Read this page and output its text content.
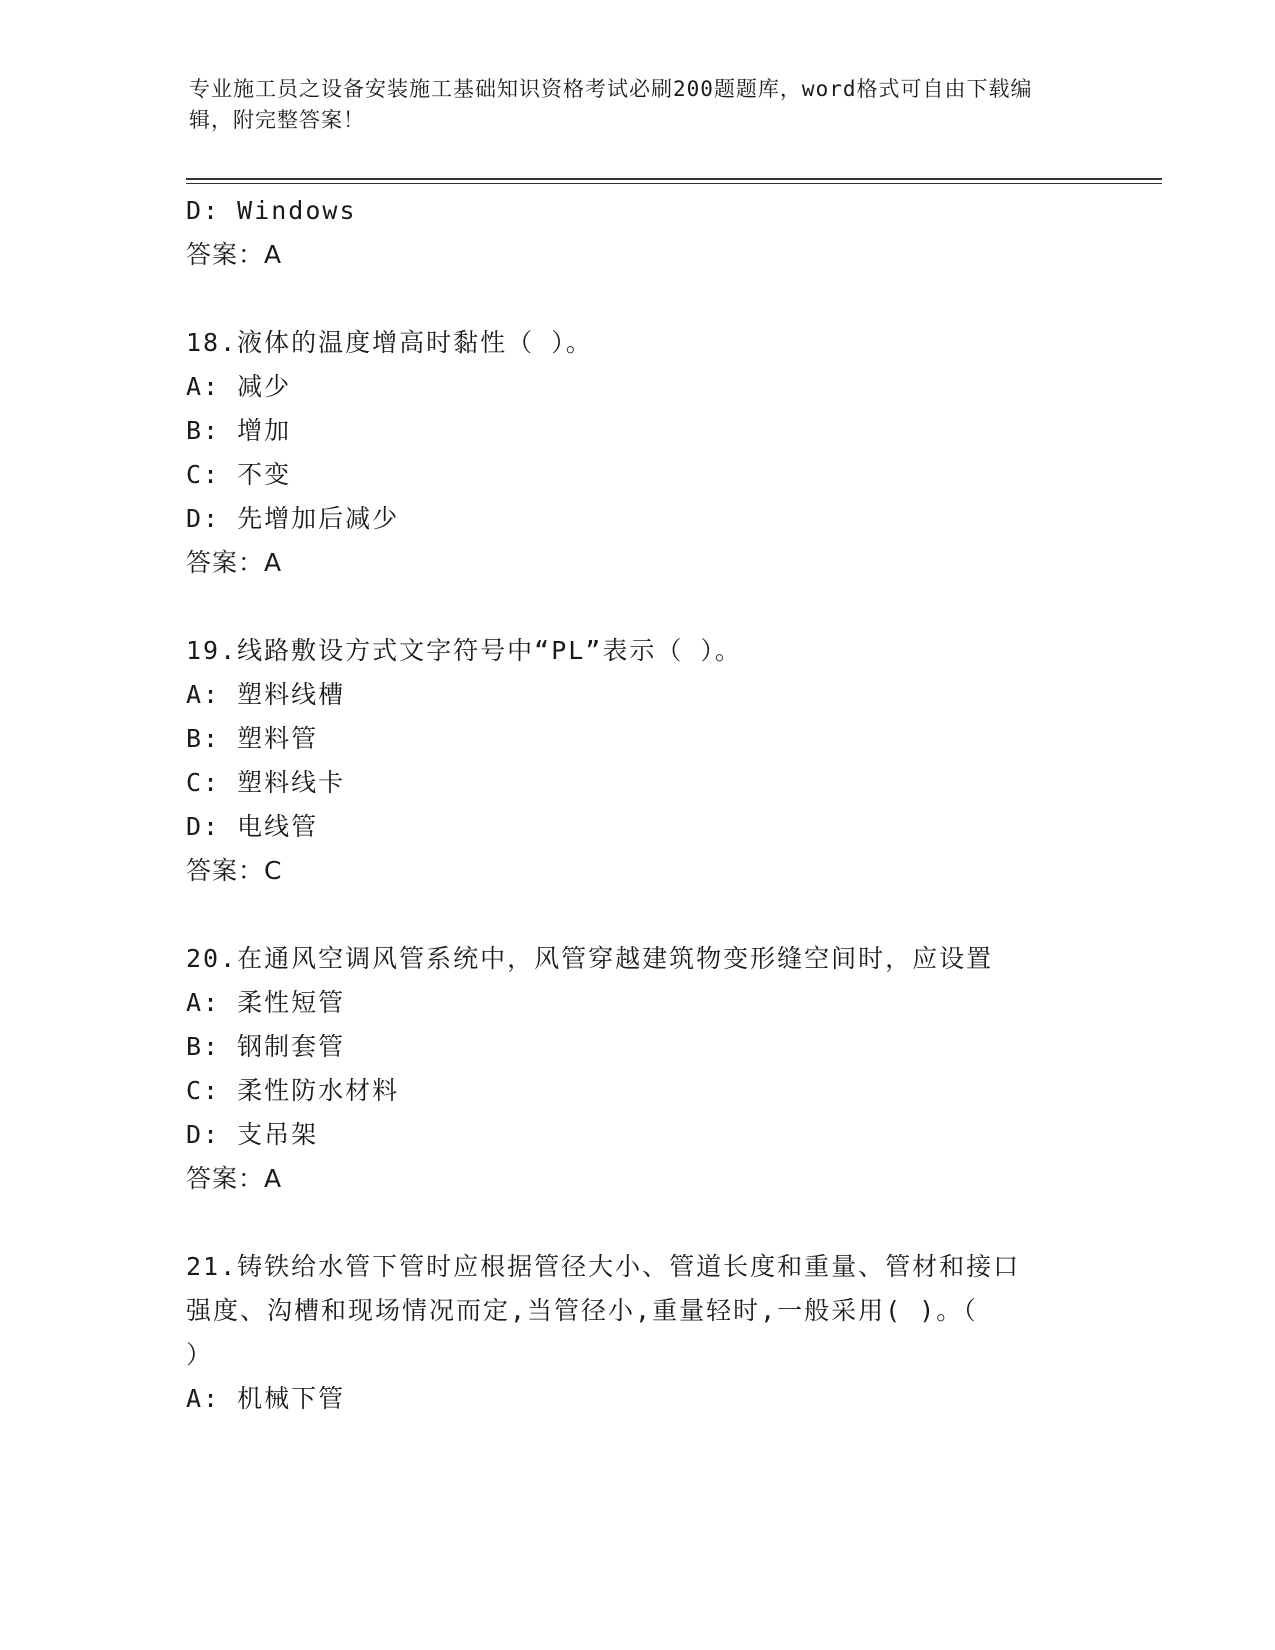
专业施工员之设备安装施工基础知识资格考试必刷200题题库，word格式可自由下载编辑，附完整答案！
D: Windows
答案：A
18.液体的温度增高时黏性（ ）。
A: 减少
B: 增加
C: 不变
D: 先增加后减少
答案：A
19.线路敷设方式文字符号中“PL”表示（ ）。
A: 塑料线槽
B: 塑料管
C: 塑料线卡
D: 电线管
答案：C
20.在通风空调风管系统中，风管穿越建筑物变形缝空间时，应设置
A: 柔性短管
B: 钢制套管
C: 柔性防水材料
D: 支吊架
答案：A
21.铸铁给水管下管时应根据管径大小、管道长度和重量、管材和接口
强度、沟槽和现场情况而定,当管径小,重量轻时,一般采用( )。（
）
A: 机械下管
